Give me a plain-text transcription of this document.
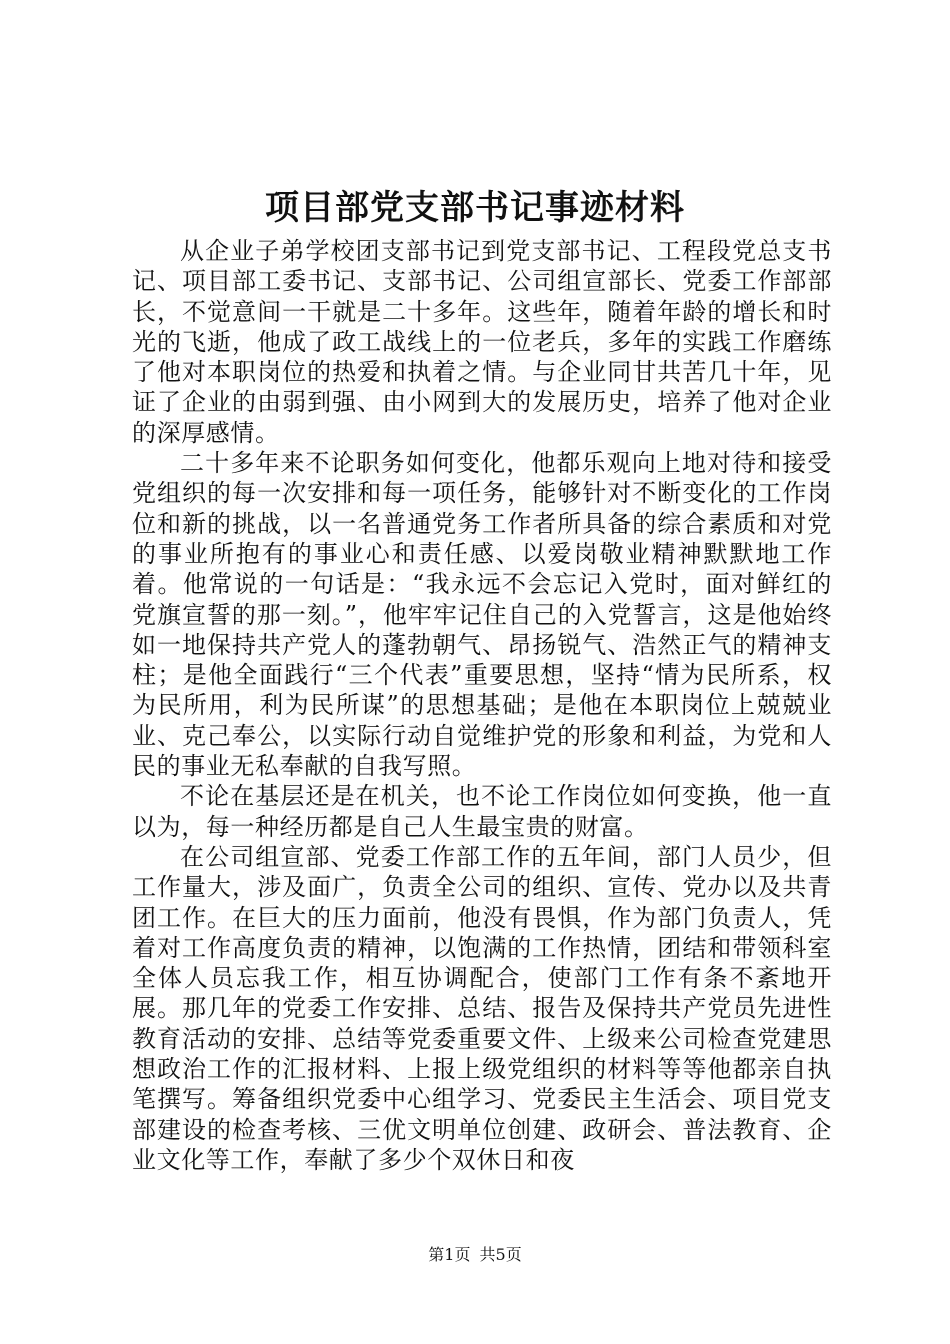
项目部党支部书记事迹材料

从企业子弟学校团支部书记到党支部书记、工程段党总支书记、项目部工委书记、支部书记、公司组宣部长、党委工作部部长，不觉意间一干就是二十多年。这些年，随着年龄的增长和时光的飞逝，他成了政工战线上的一位老兵，多年的实践工作磨练了他对本职岗位的热爱和执着之情。与企业同甘共苦几十年，见证了企业的由弱到强、由小网到大的发展历史，培养了他对企业的深厚感情。

二十多年来不论职务如何变化，他都乐观向上地对待和接受党组织的每一次安排和每一项任务，能够针对不断变化的工作岗位和新的挑战，以一名普通党务工作者所具备的综合素质和对党的事业所抱有的事业心和责任感、以爱岗敬业精神默默地工作着。他常说的一句话是：“我永远不会忘记入党时，面对鲜红的党旗宣誓的那一刻。”，他牢牢记住自己的入党誓言，这是他始终如一地保持共产党人的蓬勃朝气、昂扬锐气、浩然正气的精神支柱；是他全面践行“三个代表”重要思想，坚持“情为民所系，权为民所用，利为民所谋”的思想基础；是他在本职岗位上兢兢业业、克己奉公，以实际行动自觉维护党的形象和利益，为党和人民的事业无私奉献的自我写照。

不论在基层还是在机关，也不论工作岗位如何变换，他一直以为，每一种经历都是自己人生最宝贵的财富。

在公司组宣部、党委工作部工作的五年间，部门人员少，但工作量大，涉及面广，负责全公司的组织、宣传、党办以及共青团工作。在巨大的压力面前，他没有畏惧，作为部门负责人，凭着对工作高度负责的精神，以饱满的工作热情，团结和带领科室全体人员忘我工作，相互协调配合，使部门工作有条不紊地开展。那几年的党委工作安排、总结、报告及保持共产党员先进性教育活动的安排、总结等党委重要文件、上级来公司检查党建思想政治工作的汇报材料、上报上级党组织的材料等等他都亲自执笔撰写。筹备组织党委中心组学习、党委民主生活会、项目党支部建设的检查考核、三优文明单位创建、政研会、普法教育、企业文化等工作，奉献了多少个双休日和夜

第1页 共5页
